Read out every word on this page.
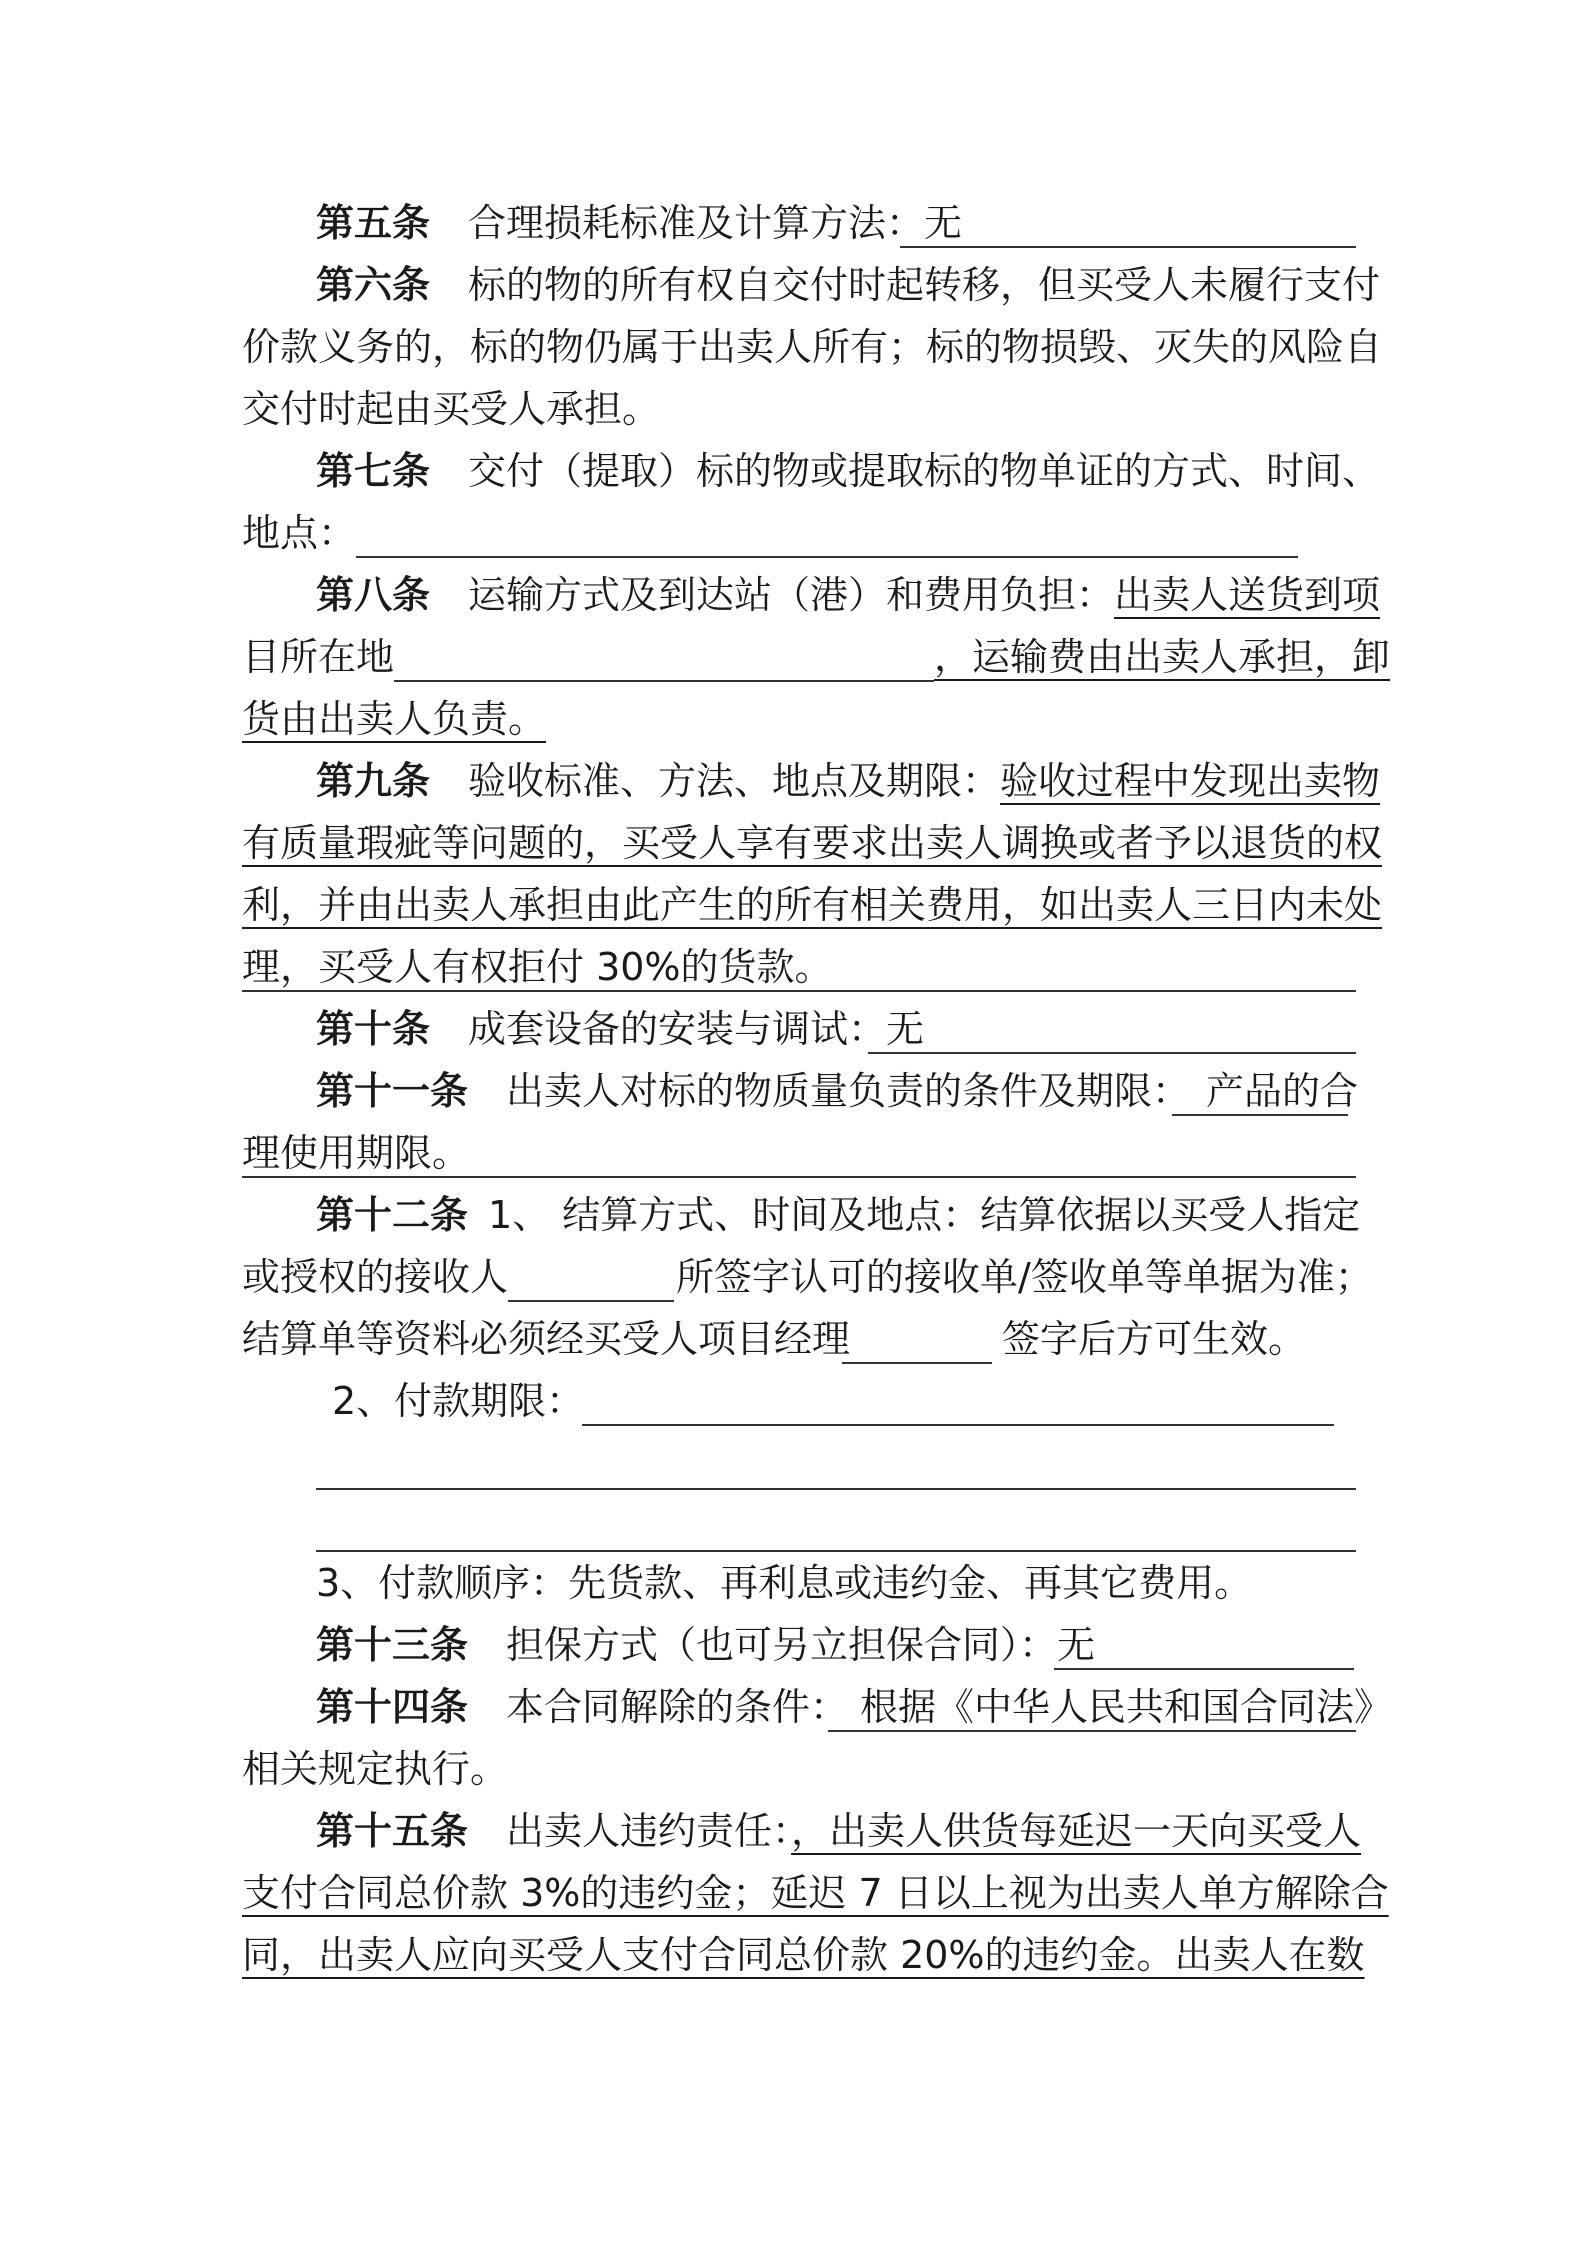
第五条 合理损耗标准及计算方法：无
第六条 标的物的所有权自交付时起转移，但买受人未履行支付
价款义务的，标的物仍属于出卖人所有；标的物损毁、灭失的风险自
交付时起由买受人承担。
第七条 交付（提取）标的物或提取标的物单证的方式、时间、
地点：
第八条 运输方式及到达站（港）和费用负担：出卖人送货到项
目所在地	，运输费由出卖人承担，卸
货由出卖人负责。
第九条 验收标准、方法、地点及期限：验收过程中发现出卖物
有质量瑕疵等问题的，买受人享有要求出卖人调换或者予以退货的权
利，并由出卖人承担由此产生的所有相关费用，如出卖人三日内未处
理，买受人有权拒付 30%的货款。
第十条 成套设备的安装与调试：无
第十一条 出卖人对标的物质量负责的条件及期限： 产品的合
理使用期限。
第十二条 1、 结算方式、时间及地点：结算依据以买受人指定
或授权的接收人	所签字认可的接收单/签收单等单据为准；
结算单等资料必须经买受人项目经理	签字后方可生效。
2、付款期限：
3、付款顺序：先货款、再利息或违约金、再其它费用。
第十三条 担保方式（也可另立担保合同）：无
第十四条 本合同解除的条件： 根据《中华人民共和国合同法》
相关规定执行。
第十五条 出卖人违约责任：，出卖人供货每延迟一天向买受人
支付合同总价款 3%的违约金；延迟 7 日以上视为出卖人单方解除合
同，出卖人应向买受人支付合同总价款 20%的违约金。出卖人在数
